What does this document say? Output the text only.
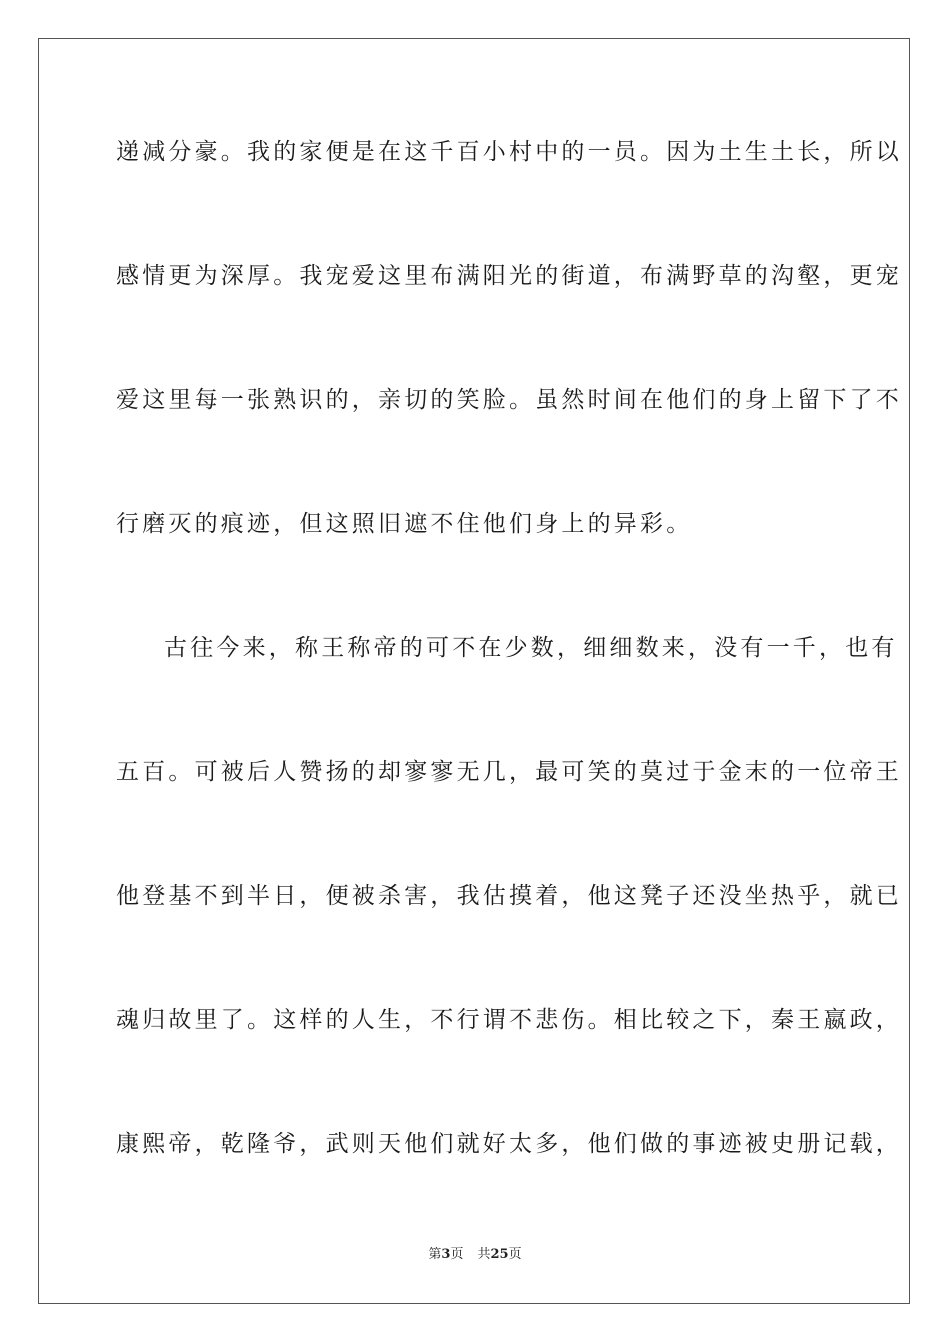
递减分豪。我的家便是在这千百小村中的一员。因为土生土长，所以
感情更为深厚。我宠爱这里布满阳光的街道，布满野草的沟壑，更宠
爱这里每一张熟识的，亲切的笑脸。虽然时间在他们的身上留下了不
行磨灭的痕迹，但这照旧遮不住他们身上的异彩。
古往今来，称王称帝的可不在少数，细细数来，没有一千，也有
五百。可被后人赞扬的却寥寥无几，最可笑的莫过于金末的一位帝王
他登基不到半日，便被杀害，我估摸着，他这凳子还没坐热乎，就已
魂归故里了。这样的人生，不行谓不悲伤。相比较之下，秦王嬴政，
康熙帝，乾隆爷，武则天他们就好太多，他们做的事迹被史册记载，
第3页 共25页
